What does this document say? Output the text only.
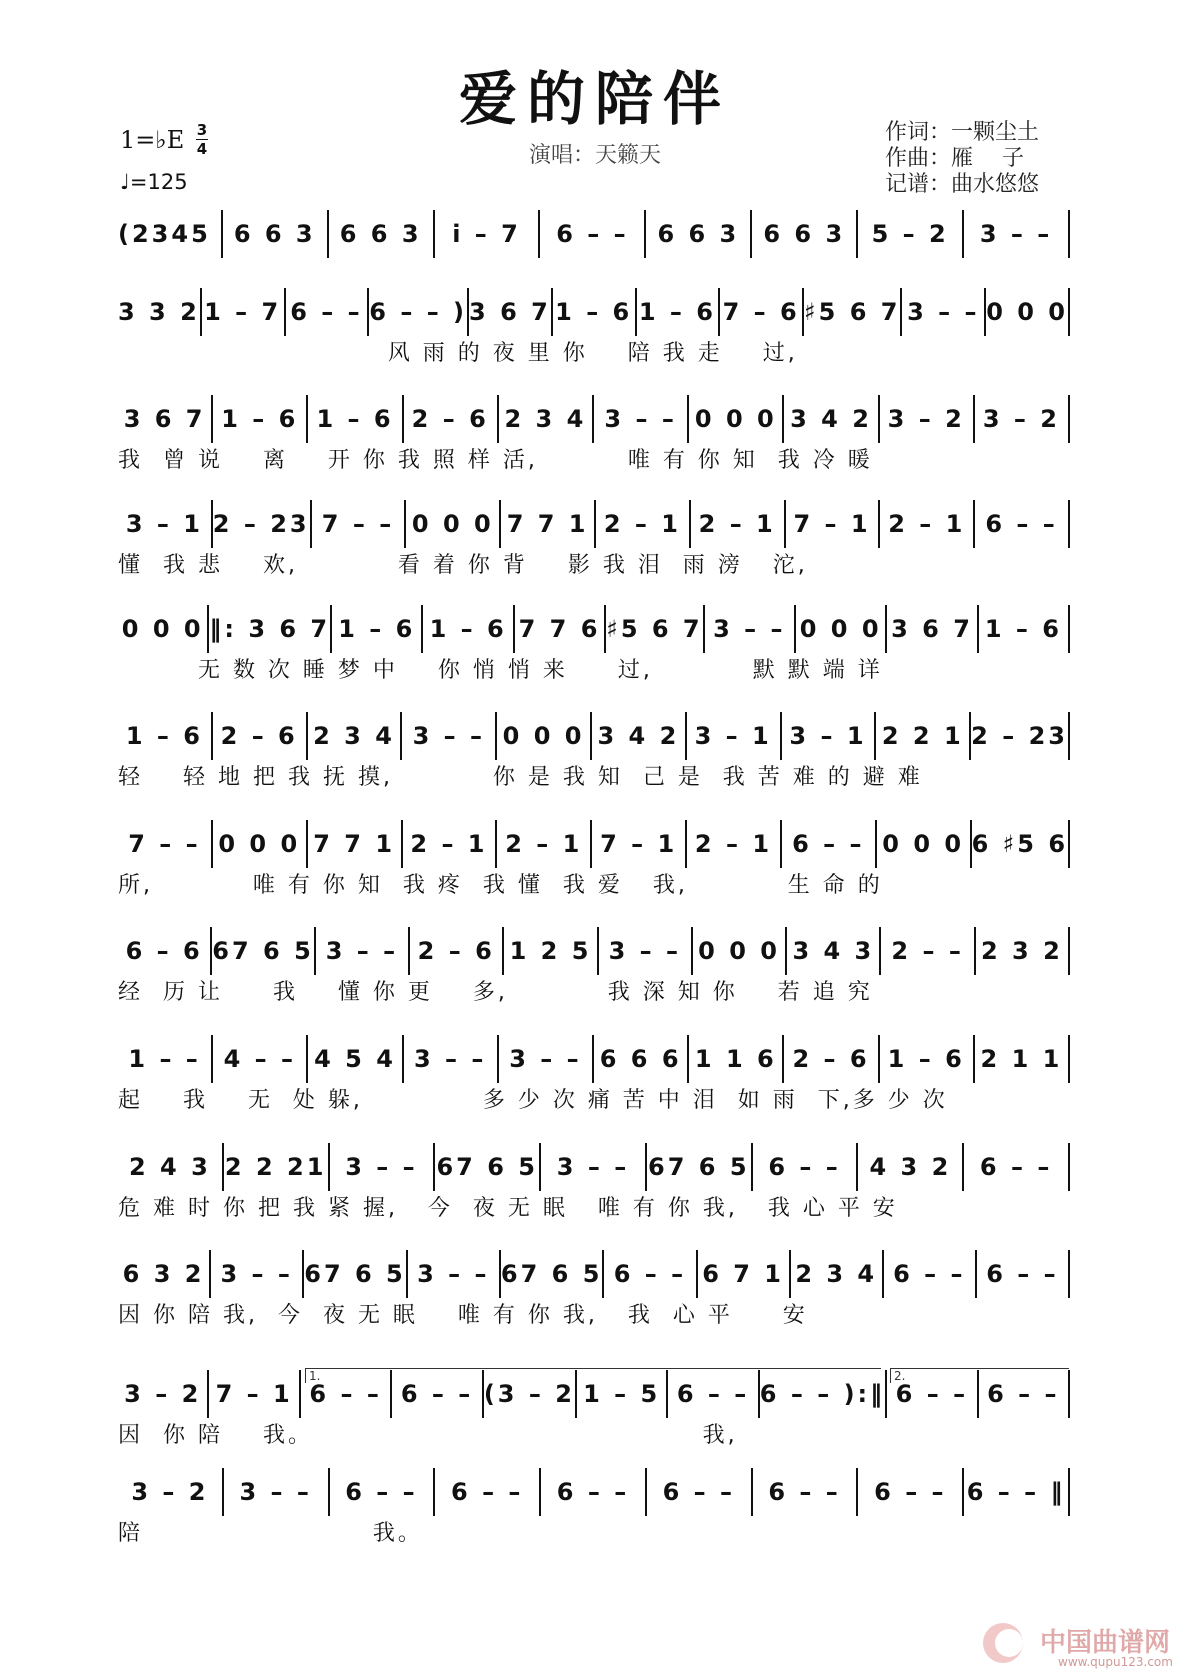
爱的陪伴
演唱：天籁天
作词：一颗尘土
作曲：雁　 子
记谱：曲水悠悠
1=♭E 3
4
♩=125
(2345 6 6 3	6 6 3	i̇ – 7	6 – –	6 6 3	6 6 3	5 – 2	3 – –
3 3 2 1 – 7 6 – – 6 – – ) 3 6 7 1 – 6 1 – 6 7 – 6 ♯5 6 7 3 – – 0 0 0
风 雨 的 夜 里 你    陪 我 走    过,
3 6 7 1 – 6 1 – 6 2 – 6 2 3 4 3 – – 0 0 0 3 4 2 3 – 2 3 – 2
我  曾 说    离    开 你 我 照 样 活,         唯 有 你 知  我 冷 暖
3 – 1 2 – 23 7 – – 0 0 0 7 7 1 2 – 1 2 – 1 7 – 1 2 – 1 6 – –
懂  我 悲    欢,          看 着 你 背    影 我 泪  雨 滂   沱,
0 0 0 ‖: 3 6 7 1 – 6 1 – 6 7 7 6 ♯5 6 7 3 – – 0 0 0 3 6 7 1 – 6
无 数 次 睡 梦 中    你 悄 悄 来     过,          默 默 端 详
1 – 6 2 – 6 2 3 4 3 – – 0 0 0 3 4 2 3 – 1 3 – 1 2 2 1 2 – 23
轻    轻 地 把 我 抚 摸,          你 是 我 知  己 是  我 苦 难 的 避 难
7 – – 0 0 0 7 7 1 2 – 1 2 – 1 7 – 1 2 – 1 6 – – 0 0 0 6 ♯5 6
所,          唯 有 你 知  我 疼  我 懂  我 爱   我,          生 命 的
6 – 6 67 6 5 3 – – 2 – 6 1 2 5 3 – – 0 0 0 3 4 3 2 – – 2 3 2
经  历 让     我    懂 你 更    多,          我 深 知 你    若 追 究
1 – – 4 – – 4 5 4 3 – – 3 – – 6 6 6 1 1 6 2 – 6 1 – 6 2 1 1
起    我    无  处 躲,            多 少 次 痛 苦 中 泪  如 雨  下,多 少 次
2 4 3 2 2 21 3 – – 67 6 5 3 – – 67 6 5 6 – –	4 3 2	6 – –
危 难 时 你 把 我 紧 握,   今  夜 无 眠   唯 有 你 我,   我 心 平 安
6 3 2 3 – – 67 6 5 3 – – 67 6 5 6 – – 6 7 1 2 3 4 6 – – 6 – –
因 你 陪 我,  今  夜 无 眠    唯 有 你 我,   我  心 平     安
3 – 2 7 – 1 6 – – 6 – – (3 – 2 1 – 5 6 – – 6 – – ):‖ 6 – – 6 – –
因  你 陪    我。                                       我,
3 – 2	3 – –	6 – –	6 – –	6 – –	6 – –	6 – –	6 – – 6 – – ‖
陪                       我。
1.	2.
中国曲谱网
www.qupu123.com
